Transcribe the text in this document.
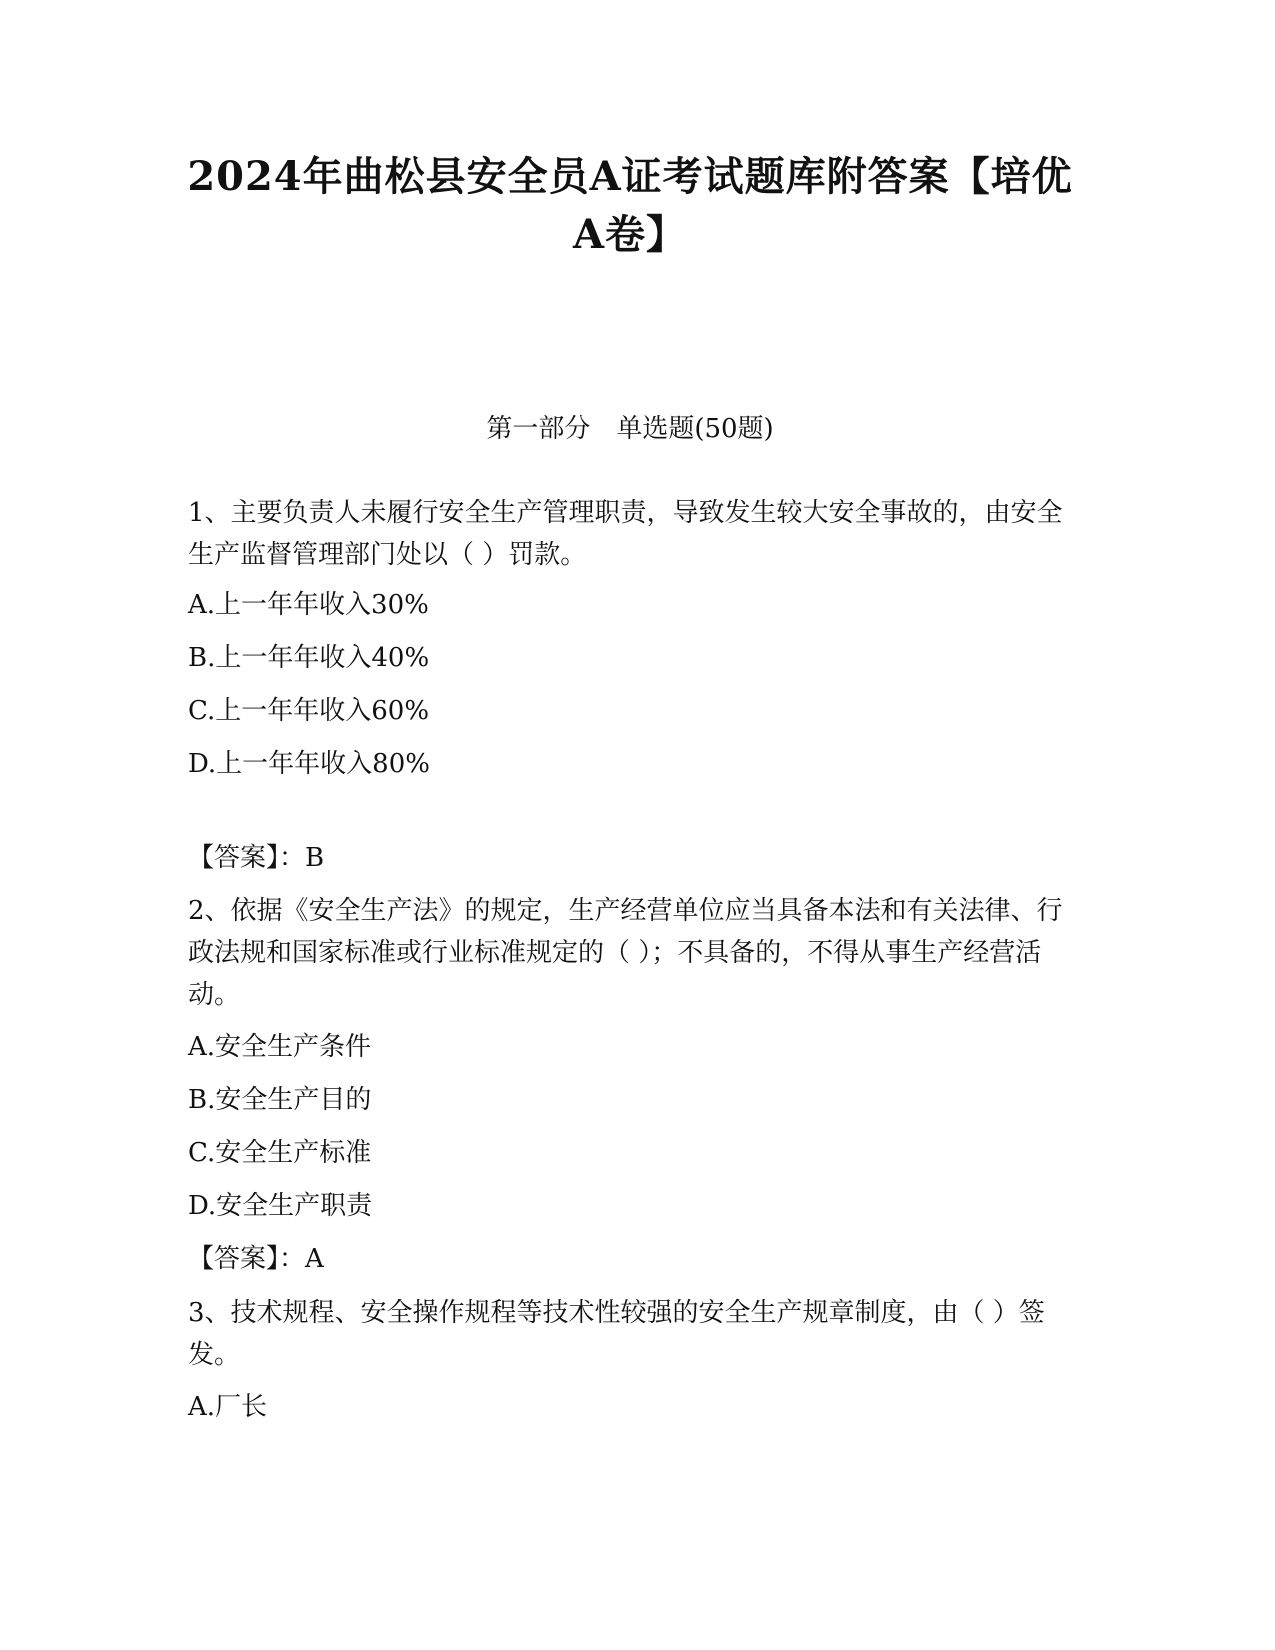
2024年曲松县安全员A证考试题库附答案【培优
A卷】
第一部分　单选题(50题)

1、主要负责人未履行安全生产管理职责，导致发生较大安全事故的，由安全生产监督管理部门处以（ ）罚款。

A.上一年年收入30%
B.上一年年收入40%
C.上一年年收入60%
D.上一年年收入80%
【答案】：B

2、依据《安全生产法》的规定，生产经营单位应当具备本法和有关法律、行政法规和国家标准或行业标准规定的（ ）；不具备的，不得从事生产经营活动。

A.安全生产条件
B.安全生产目的
C.安全生产标准
D.安全生产职责
【答案】：A

3、技术规程、安全操作规程等技术性较强的安全生产规章制度，由（ ）签发。

A.厂长
